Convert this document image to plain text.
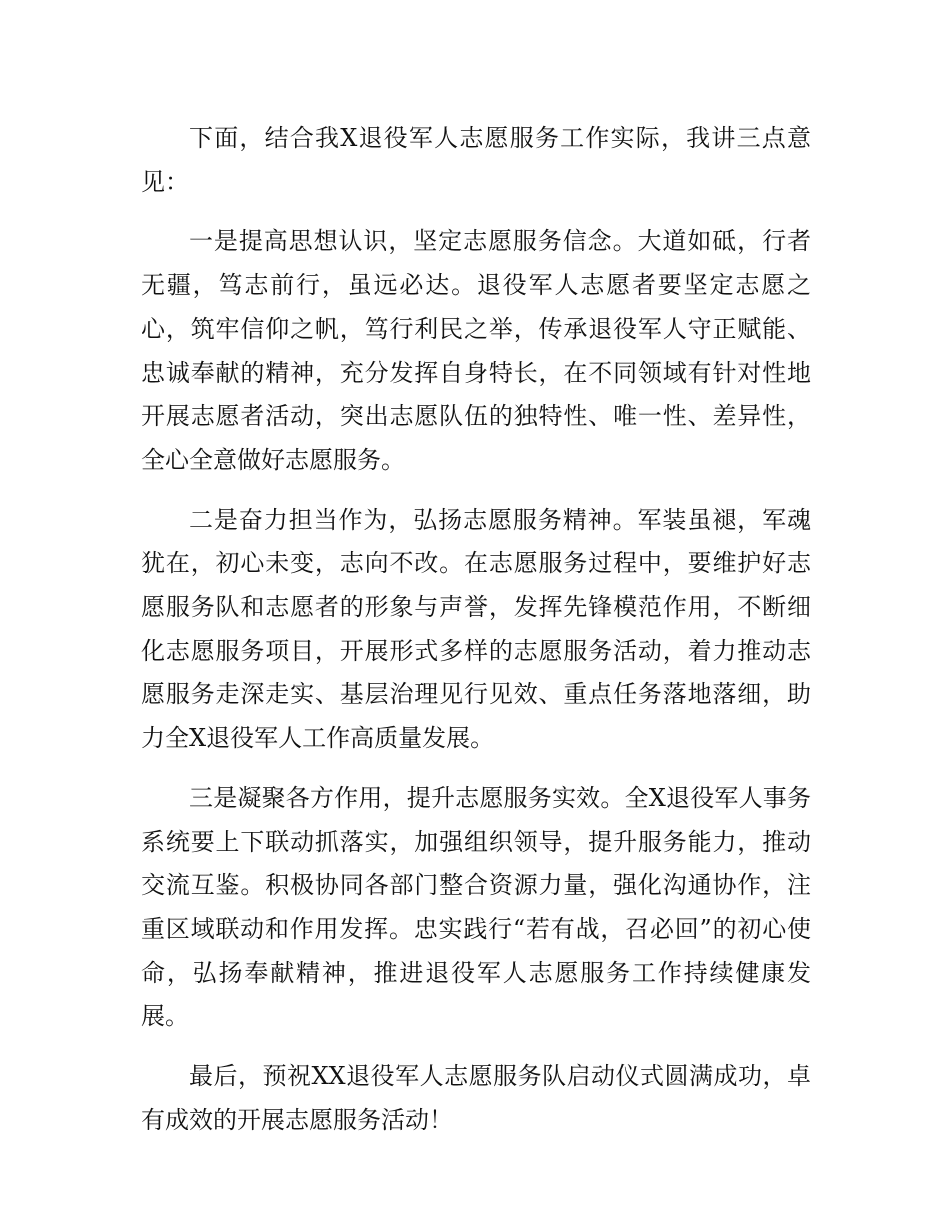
下面，结合我X退役军人志愿服务工作实际，我讲三点意见：

一是提高思想认识，坚定志愿服务信念。大道如砥，行者无疆，笃志前行，虽远必达。退役军人志愿者要坚定志愿之心，筑牢信仰之帆，笃行利民之举，传承退役军人守正赋能、忠诚奉献的精神，充分发挥自身特长，在不同领域有针对性地开展志愿者活动，突出志愿队伍的独特性、唯一性、差异性，全心全意做好志愿服务。

二是奋力担当作为，弘扬志愿服务精神。军装虽褪，军魂犹在，初心未变，志向不改。在志愿服务过程中，要维护好志愿服务队和志愿者的形象与声誉，发挥先锋模范作用，不断细化志愿服务项目，开展形式多样的志愿服务活动，着力推动志愿服务走深走实、基层治理见行见效、重点任务落地落细，助力全X退役军人工作高质量发展。

三是凝聚各方作用，提升志愿服务实效。全X退役军人事务系统要上下联动抓落实，加强组织领导，提升服务能力，推动交流互鉴。积极协同各部门整合资源力量，强化沟通协作，注重区域联动和作用发挥。忠实践行“若有战，召必回”的初心使命，弘扬奉献精神，推进退役军人志愿服务工作持续健康发展。

最后，预祝XX退役军人志愿服务队启动仪式圆满成功，卓有成效的开展志愿服务活动！
